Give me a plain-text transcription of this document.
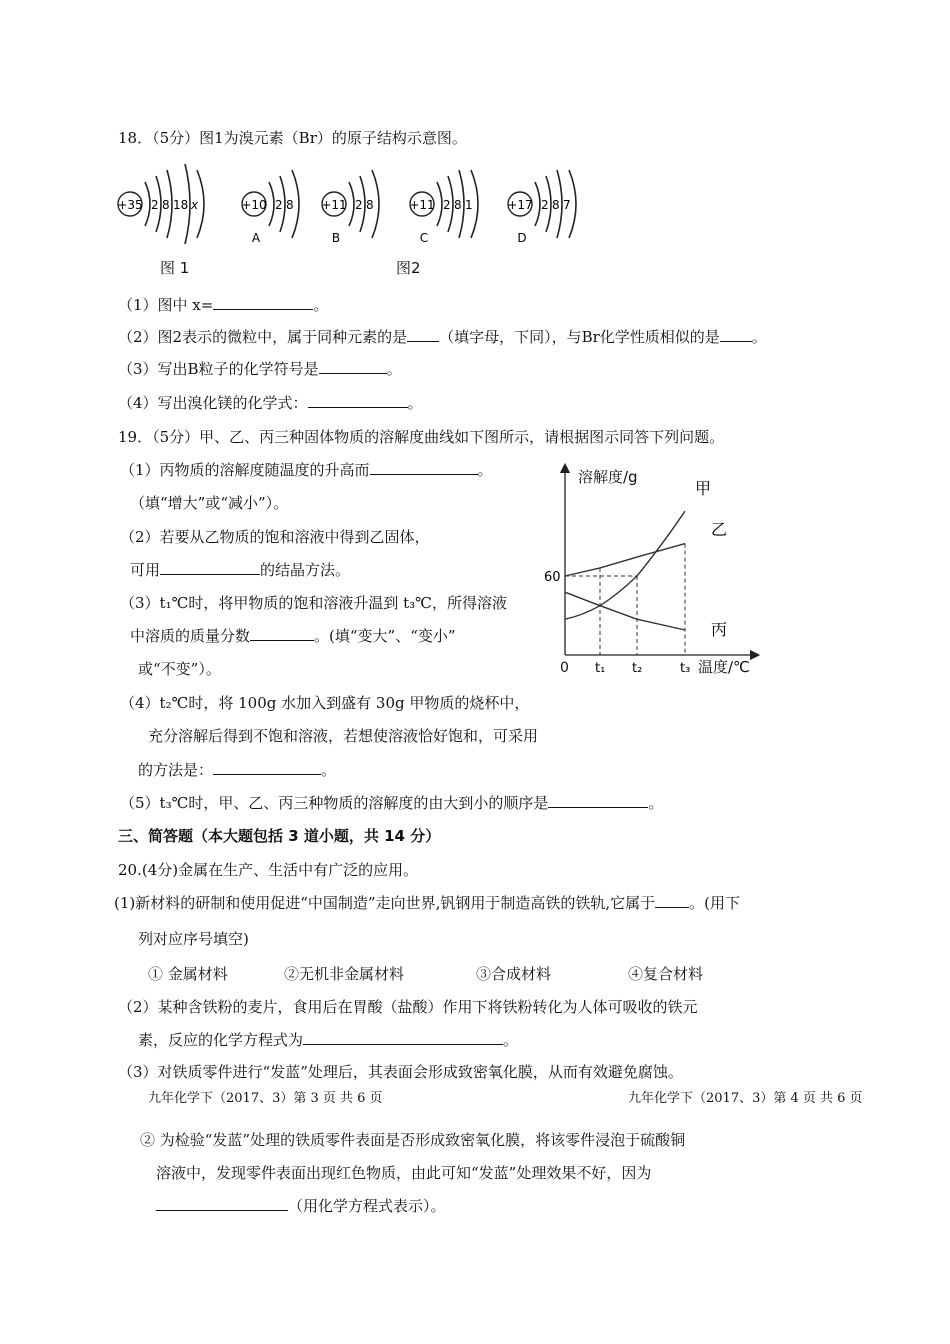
18．（5分）图1为溴元素（Br）的原子结构示意图。
+35 2 8 18 x	+10 2 8
A
+11 2 8
B
+11 2 8 1
C
+17 2 8 7
D
图 1	图2
（1）图中 x=	。
（2）图2表示的微粒中，属于同种元素的是 （填字母，下同），与Br化学性质相似的是 。
（3）写出B粒子的化学符号是	。
（4）写出溴化镁的化学式：	。
19．（5分）甲、乙、丙三种固体物质的溶解度曲线如下图所示，请根据图示同答下列问题。
（1）丙物质的溶解度随温度的升高而	。
（填“增大”或“减小”）。
（2）若要从乙物质的饱和溶液中得到乙固体，
可用	的结晶方法。
（3）t₁℃时，将甲物质的饱和溶液升温到 t₃℃，所得溶液
中溶质的质量分数	。(填“变大”、“变小”
或“不变”）。
（4）t₂℃时，将 100g 水加入到盛有 30g 甲物质的烧杯中，
充分溶解后得到不饱和溶液，若想使溶液恰好饱和，可采用
的方法是：	。
（5）t₃℃时，甲、乙、丙三种物质的溶解度的由大到小的顺序是	。
t₁ t₂	t₃
60
甲
乙
丙
溶解度/g
温度/℃
0
三、简答题（本大题包括 3 道小题，共 14 分）
20.(4分)金属在生产、生活中有广泛的应用。
(1)新材料的研制和使用促进“中国制造”走向世界,钒钢用于制造高铁的铁轨,它属于 。(用下
列对应序号填空)
① 金属材料	②无机非金属材料	③合成材料	④复合材料
（2）某种含铁粉的麦片，食用后在胃酸（盐酸）作用下将铁粉转化为人体可吸收的铁元
素，反应的化学方程式为	。
（3）对铁质零件进行“发蓝”处理后，其表面会形成致密氧化膜，从而有效避免腐蚀。
九年化学下（2017、3）第 3 页 共 6 页	九年化学下（2017、3）第 4 页 共 6 页
② 为检验“发蓝”处理的铁质零件表面是否形成致密氧化膜，将该零件浸泡于硫酸铜
溶液中，发现零件表面出现红色物质，由此可知“发蓝”处理效果不好，因为
（用化学方程式表示）。
